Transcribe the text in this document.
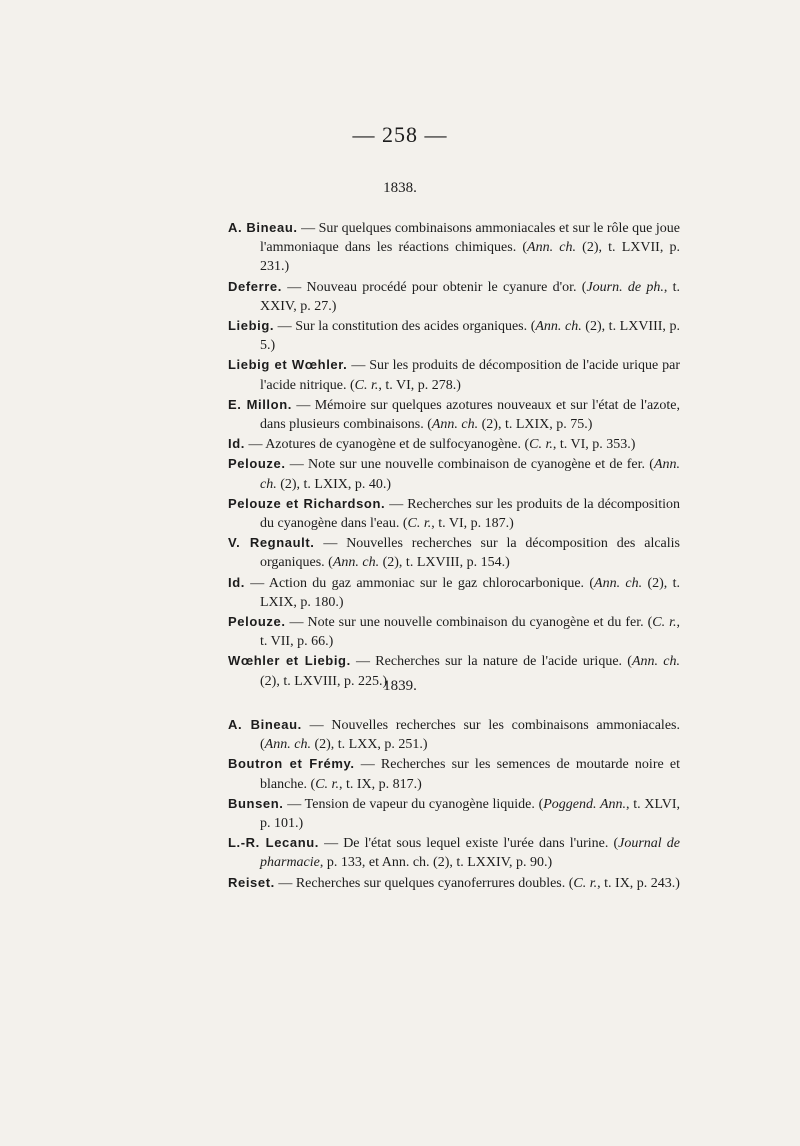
— 258 —
1838.

A. Bineau. — Sur quelques combinaisons ammoniacales et sur le rôle que joue l'ammoniaque dans les réactions chimiques. (Ann. ch. (2), t. LXVII, p. 231.)

Deferre. — Nouveau procédé pour obtenir le cyanure d'or. (Journ. de ph., t. XXIV, p. 27.)

Liebig. — Sur la constitution des acides organiques. (Ann. ch. (2), t. LXVIII, p. 5.)

Liebig et Wœhler. — Sur les produits de décomposition de l'acide urique par l'acide nitrique. (C. r., t. VI, p. 278.)

E. Millon. — Mémoire sur quelques azotures nouveaux et sur l'état de l'azote, dans plusieurs combinaisons. (Ann. ch. (2), t. LXIX, p. 75.)

Id. — Azotures de cyanogène et de sulfocyanogène. (C. r., t. VI, p. 353.)

Pelouze. — Note sur une nouvelle combinaison de cyanogène et de fer. (Ann. ch. (2), t. LXIX, p. 40.)

Pelouze et Richardson. — Recherches sur les produits de la décomposition du cyanogène dans l'eau. (C. r., t. VI, p. 187.)

V. Regnault. — Nouvelles recherches sur la décomposition des alcalis organiques. (Ann. ch. (2), t. LXVIII, p. 154.)

Id. — Action du gaz ammoniac sur le gaz chlorocarbonique. (Ann. ch. (2), t. LXIX, p. 180.)

Pelouze. — Note sur une nouvelle combinaison du cyanogène et du fer. (C. r., t. VII, p. 66.)

Wœhler et Liebig. — Recherches sur la nature de l'acide urique. (Ann. ch. (2), t. LXVIII, p. 225.)

1839.

A. Bineau. — Nouvelles recherches sur les combinaisons ammoniacales. (Ann. ch. (2), t. LXX, p. 251.)

Boutron et Frémy. — Recherches sur les semences de moutarde noire et blanche. (C. r., t. IX, p. 817.)

Bunsen. — Tension de vapeur du cyanogène liquide. (Poggend. Ann., t. XLVI, p. 101.)

L.-R. Lecanu. — De l'état sous lequel existe l'urée dans l'urine. (Journal de pharmacie, p. 133, et Ann. ch. (2), t. LXXIV, p. 90.)

Reiset. — Recherches sur quelques cyanoferrures doubles. (C. r., t. IX, p. 243.)
